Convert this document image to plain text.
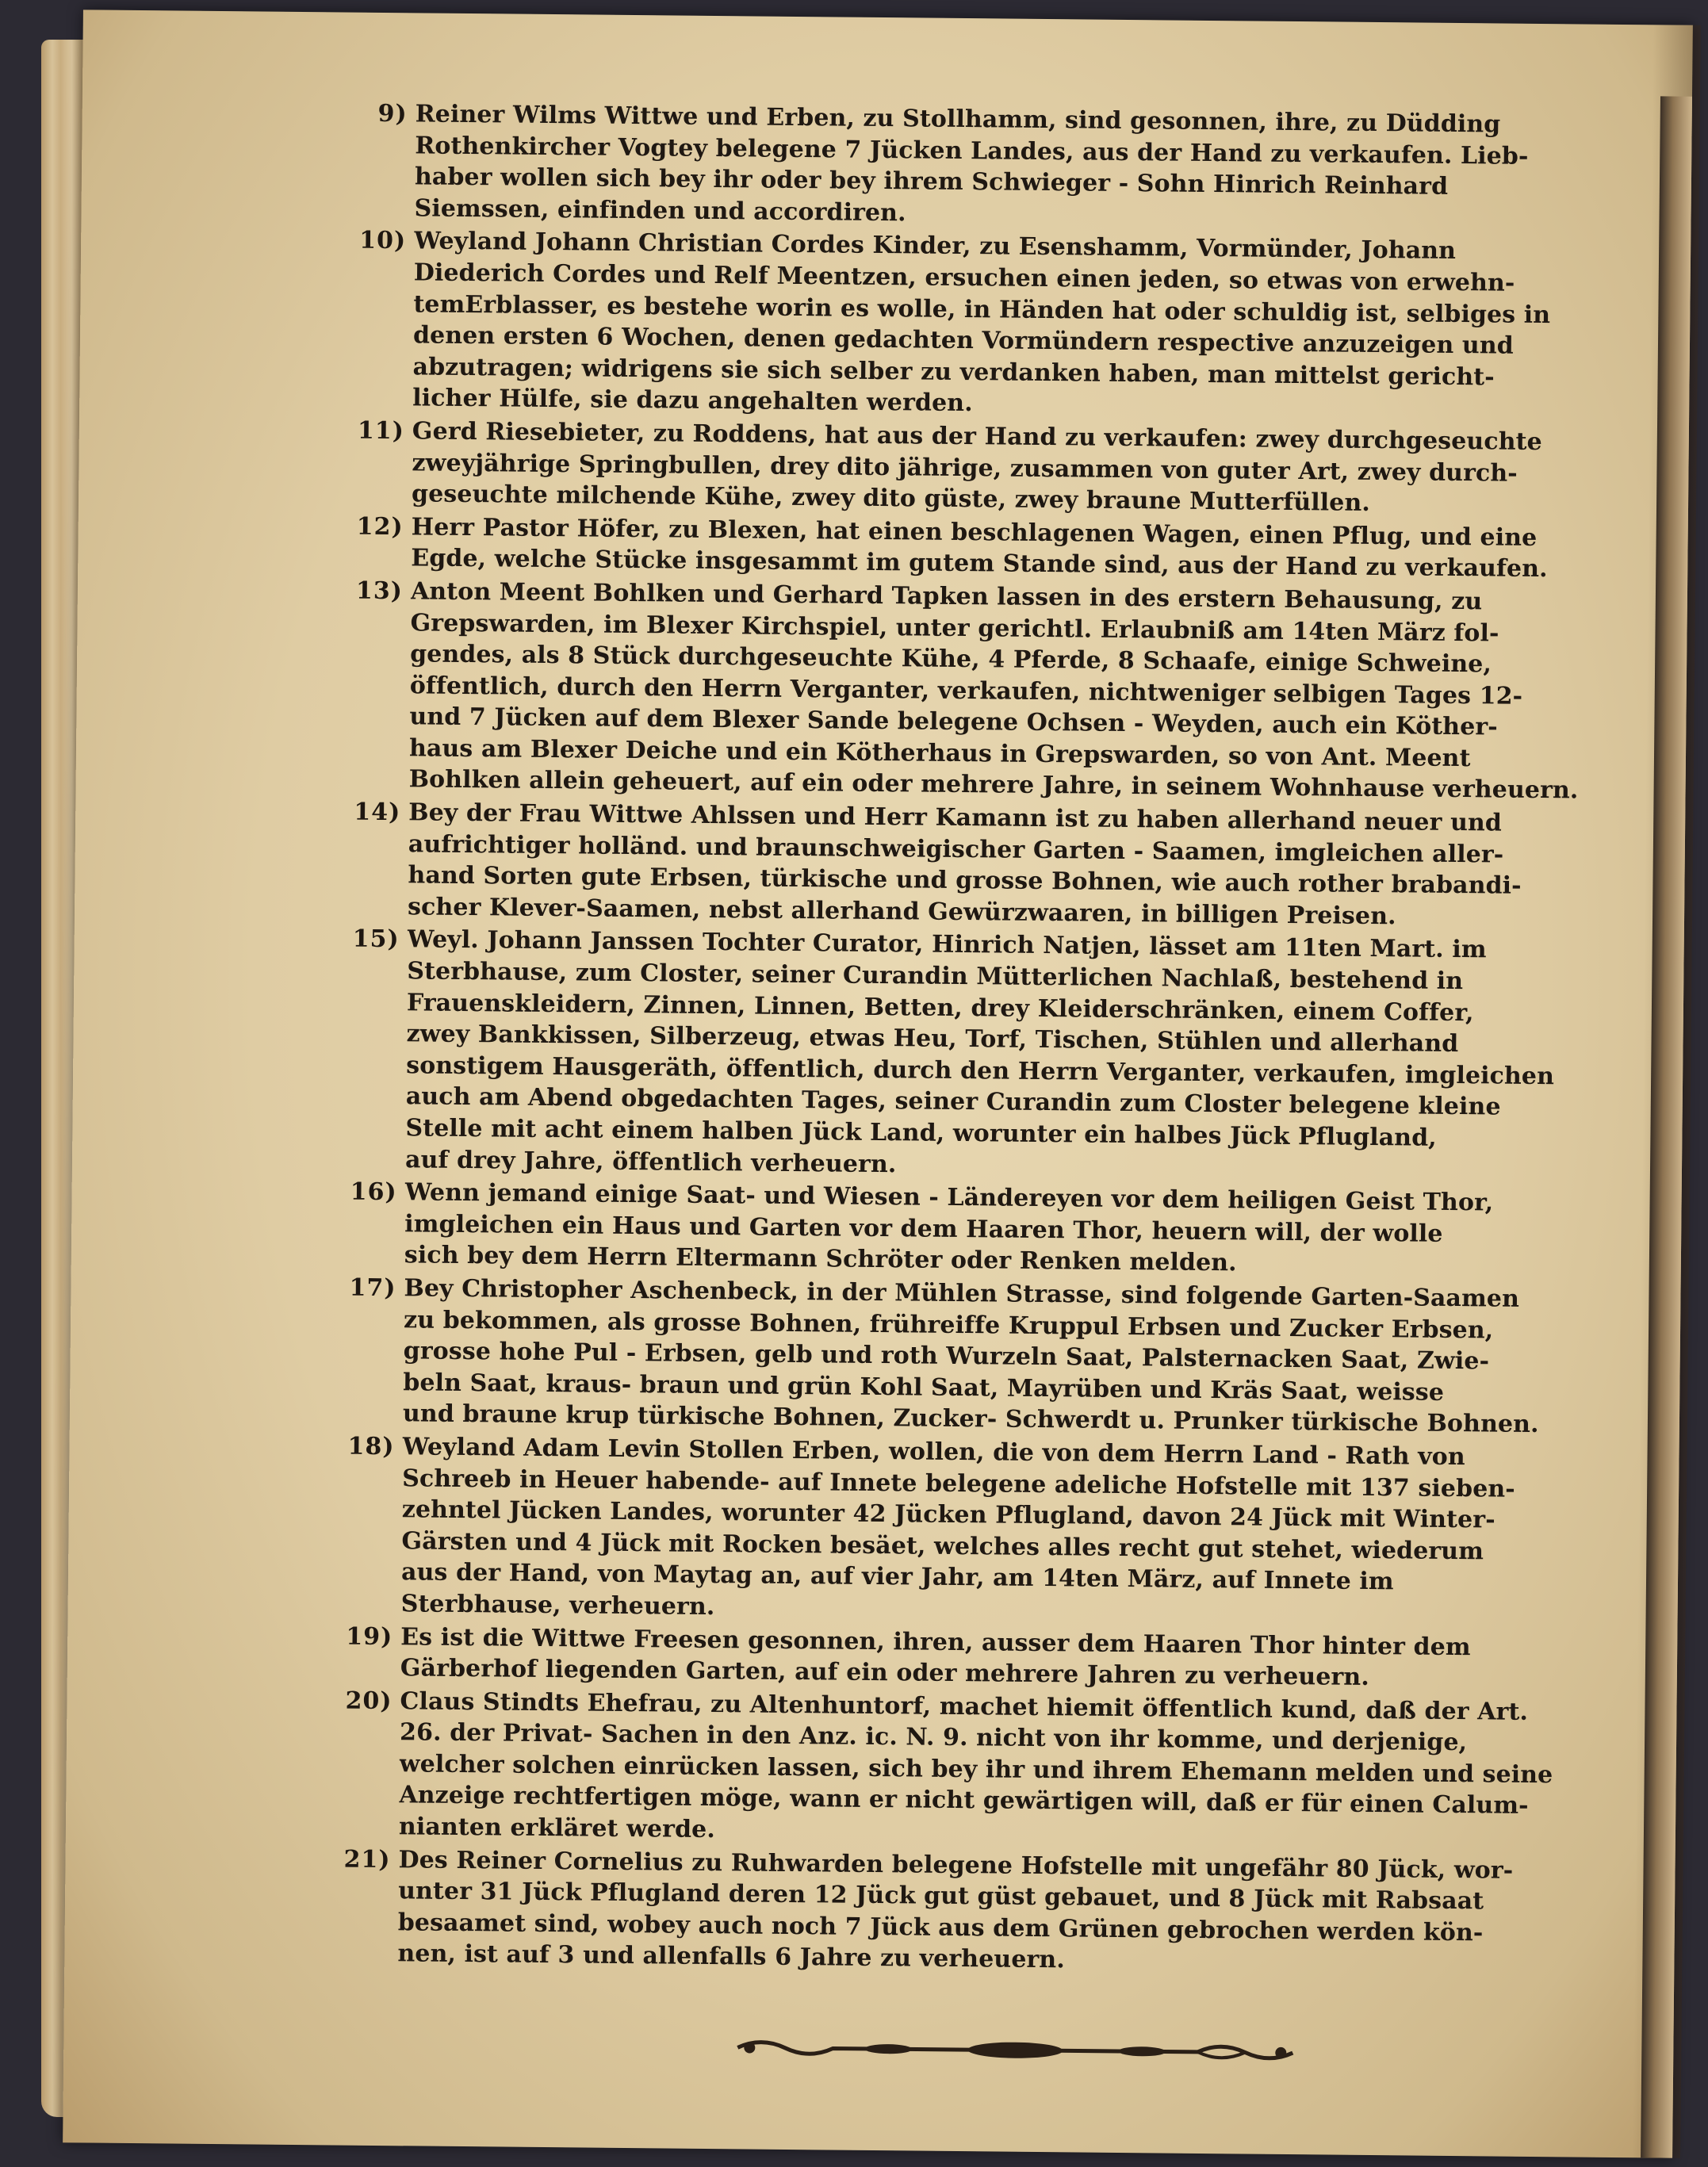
9) Reiner Wilms Wittwe und Erben, zu Stollhamm, sind gesonnen, ihre, zu Düdding
Rothenkircher Vogtey belegene 7 Jücken Landes, aus der Hand zu verkaufen. Lieb-
haber wollen sich bey ihr oder bey ihrem Schwieger - Sohn Hinrich Reinhard
Siemssen, einfinden und accordiren.
10) Weyland Johann Christian Cordes Kinder, zu Esenshamm, Vormünder, Johann
Diederich Cordes und Relf Meentzen, ersuchen einen jeden, so etwas von erwehn-
temErblasser, es bestehe worin es wolle, in Händen hat oder schuldig ist, selbiges in
denen ersten 6 Wochen, denen gedachten Vormündern respective anzuzeigen und
abzutragen; widrigens sie sich selber zu verdanken haben, man mittelst gericht-
licher Hülfe, sie dazu angehalten werden.
11) Gerd Riesebieter, zu Roddens, hat aus der Hand zu verkaufen: zwey durchgeseuchte
zweyjährige Springbullen, drey dito jährige, zusammen von guter Art, zwey durch-
geseuchte milchende Kühe, zwey dito güste, zwey braune Mutterfüllen.
12) Herr Pastor Höfer, zu Blexen, hat einen beschlagenen Wagen, einen Pflug, und eine
Egde, welche Stücke insgesammt im gutem Stande sind, aus der Hand zu verkaufen.
13) Anton Meent Bohlken und Gerhard Tapken lassen in des erstern Behausung, zu
Grepswarden, im Blexer Kirchspiel, unter gerichtl. Erlaubniß am 14ten März fol-
gendes, als 8 Stück durchgeseuchte Kühe, 4 Pferde, 8 Schaafe, einige Schweine,
öffentlich, durch den Herrn Verganter, verkaufen, nichtweniger selbigen Tages 12-
und 7 Jücken auf dem Blexer Sande belegene Ochsen - Weyden, auch ein Köther-
haus am Blexer Deiche und ein Kötherhaus in Grepswarden, so von Ant. Meent
Bohlken allein geheuert, auf ein oder mehrere Jahre, in seinem Wohnhause verheuern.
14) Bey der Frau Wittwe Ahlssen und Herr Kamann ist zu haben allerhand neuer und
aufrichtiger holländ. und braunschweigischer Garten - Saamen, imgleichen aller-
hand Sorten gute Erbsen, türkische und grosse Bohnen, wie auch rother brabandi-
scher Klever-Saamen, nebst allerhand Gewürzwaaren, in billigen Preisen.
15) Weyl. Johann Janssen Tochter Curator, Hinrich Natjen, lässet am 11ten Mart. im
Sterbhause, zum Closter, seiner Curandin Mütterlichen Nachlaß, bestehend in
Frauenskleidern, Zinnen, Linnen, Betten, drey Kleiderschränken, einem Coffer,
zwey Bankkissen, Silberzeug, etwas Heu, Torf, Tischen, Stühlen und allerhand
sonstigem Hausgeräth, öffentlich, durch den Herrn Verganter, verkaufen, imgleichen
auch am Abend obgedachten Tages, seiner Curandin zum Closter belegene kleine
Stelle mit acht einem halben Jück Land, worunter ein halbes Jück Pflugland,
auf drey Jahre, öffentlich verheuern.
16) Wenn jemand einige Saat- und Wiesen - Ländereyen vor dem heiligen Geist Thor,
imgleichen ein Haus und Garten vor dem Haaren Thor, heuern will, der wolle
sich bey dem Herrn Eltermann Schröter oder Renken melden.
17) Bey Christopher Aschenbeck, in der Mühlen Strasse, sind folgende Garten-Saamen
zu bekommen, als grosse Bohnen, frühreiffe Kruppul Erbsen und Zucker Erbsen,
grosse hohe Pul - Erbsen, gelb und roth Wurzeln Saat, Palsternacken Saat, Zwie-
beln Saat, kraus- braun und grün Kohl Saat, Mayrüben und Kräs Saat, weisse
und braune krup türkische Bohnen, Zucker- Schwerdt u. Prunker türkische Bohnen.
18) Weyland Adam Levin Stollen Erben, wollen, die von dem Herrn Land - Rath von
Schreeb in Heuer habende- auf Innete belegene adeliche Hofstelle mit 137 sieben-
zehntel Jücken Landes, worunter 42 Jücken Pflugland, davon 24 Jück mit Winter-
Gärsten und 4 Jück mit Rocken besäet, welches alles recht gut stehet, wiederum
aus der Hand, von Maytag an, auf vier Jahr, am 14ten März, auf Innete im
Sterbhause, verheuern.
19) Es ist die Wittwe Freesen gesonnen, ihren, ausser dem Haaren Thor hinter dem
Gärberhof liegenden Garten, auf ein oder mehrere Jahren zu verheuern.
20) Claus Stindts Ehefrau, zu Altenhuntorf, machet hiemit öffentlich kund, daß der Art.
26. der Privat- Sachen in den Anz. ic. N. 9. nicht von ihr komme, und derjenige,
welcher solchen einrücken lassen, sich bey ihr und ihrem Ehemann melden und seine
Anzeige rechtfertigen möge, wann er nicht gewärtigen will, daß er für einen Calum-
nianten erkläret werde.
21) Des Reiner Cornelius zu Ruhwarden belegene Hofstelle mit ungefähr 80 Jück, wor-
unter 31 Jück Pflugland deren 12 Jück gut güst gebauet, und 8 Jück mit Rabsaat
besaamet sind, wobey auch noch 7 Jück aus dem Grünen gebrochen werden kön-
nen, ist auf 3 und allenfalls 6 Jahre zu verheuern.
